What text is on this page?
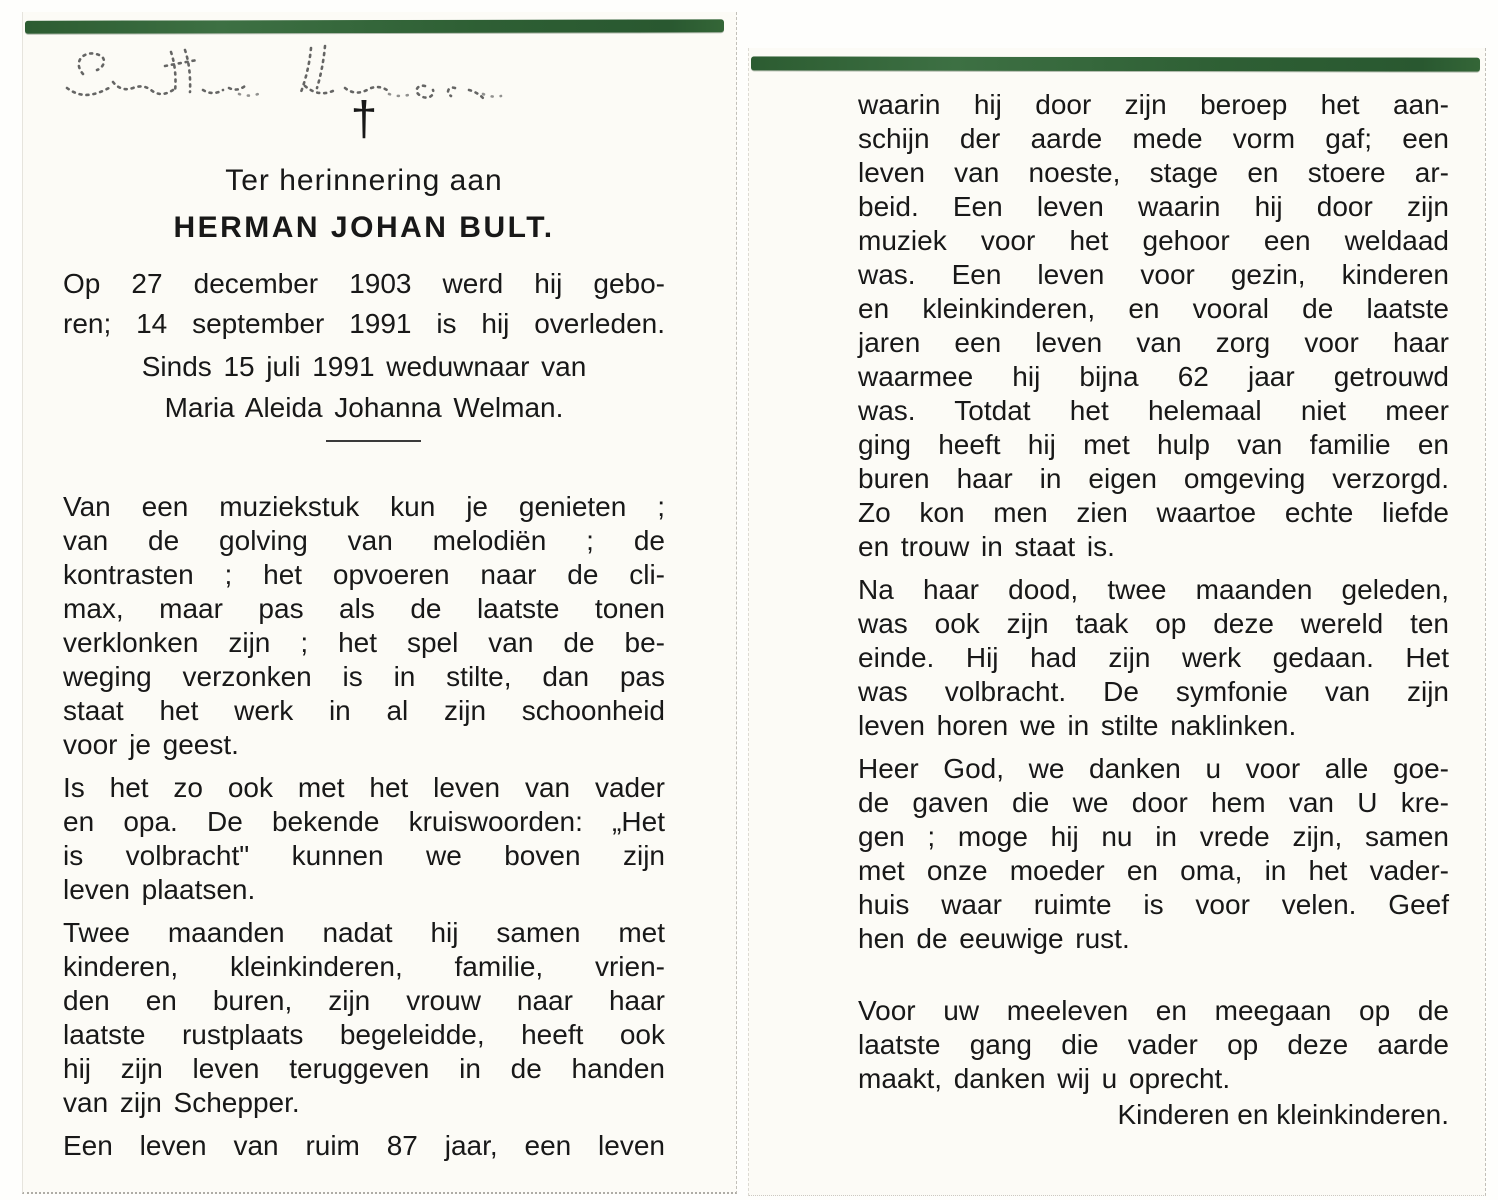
†
Ter herinnering aan
HERMAN JOHAN BULT.
Op 27 december 1903 werd hij gebo-
ren; 14 september 1991 is hij overleden.
Sinds 15 juli 1991 weduwnaar van
Maria Aleida Johanna Welman.
Van een muziekstuk kun je genieten ;
van de golving van melodiën ; de
kontrasten ; het opvoeren naar de cli-
max, maar pas als de laatste tonen
verklonken zijn ; het spel van de be-
weging verzonken is in stilte, dan pas
staat het werk in al zijn schoonheid
voor je geest.
Is het zo ook met het leven van vader
en opa. De bekende kruiswoorden: „Het
is volbracht" kunnen we boven zijn
leven plaatsen.
Twee maanden nadat hij samen met
kinderen, kleinkinderen, familie, vrien-
den en buren, zijn vrouw naar haar
laatste rustplaats begeleidde, heeft ook
hij zijn leven teruggeven in de handen
van zijn Schepper.
Een leven van ruim 87 jaar, een leven
waarin hij door zijn beroep het aan-
schijn der aarde mede vorm gaf; een
leven van noeste, stage en stoere ar-
beid. Een leven waarin hij door zijn
muziek voor het gehoor een weldaad
was. Een leven voor gezin, kinderen
en kleinkinderen, en vooral de laatste
jaren een leven van zorg voor haar
waarmee hij bijna 62 jaar getrouwd
was. Totdat het helemaal niet meer
ging heeft hij met hulp van familie en
buren haar in eigen omgeving verzorgd.
Zo kon men zien waartoe echte liefde
en trouw in staat is.
Na haar dood, twee maanden geleden,
was ook zijn taak op deze wereld ten
einde. Hij had zijn werk gedaan. Het
was volbracht. De symfonie van zijn
leven horen we in stilte naklinken.
Heer God, we danken u voor alle goe-
de gaven die we door hem van U kre-
gen ; moge hij nu in vrede zijn, samen
met onze moeder en oma, in het vader-
huis waar ruimte is voor velen. Geef
hen de eeuwige rust.
Voor uw meeleven en meegaan op de
laatste gang die vader op deze aarde
maakt, danken wij u oprecht.
Kinderen en kleinkinderen.
